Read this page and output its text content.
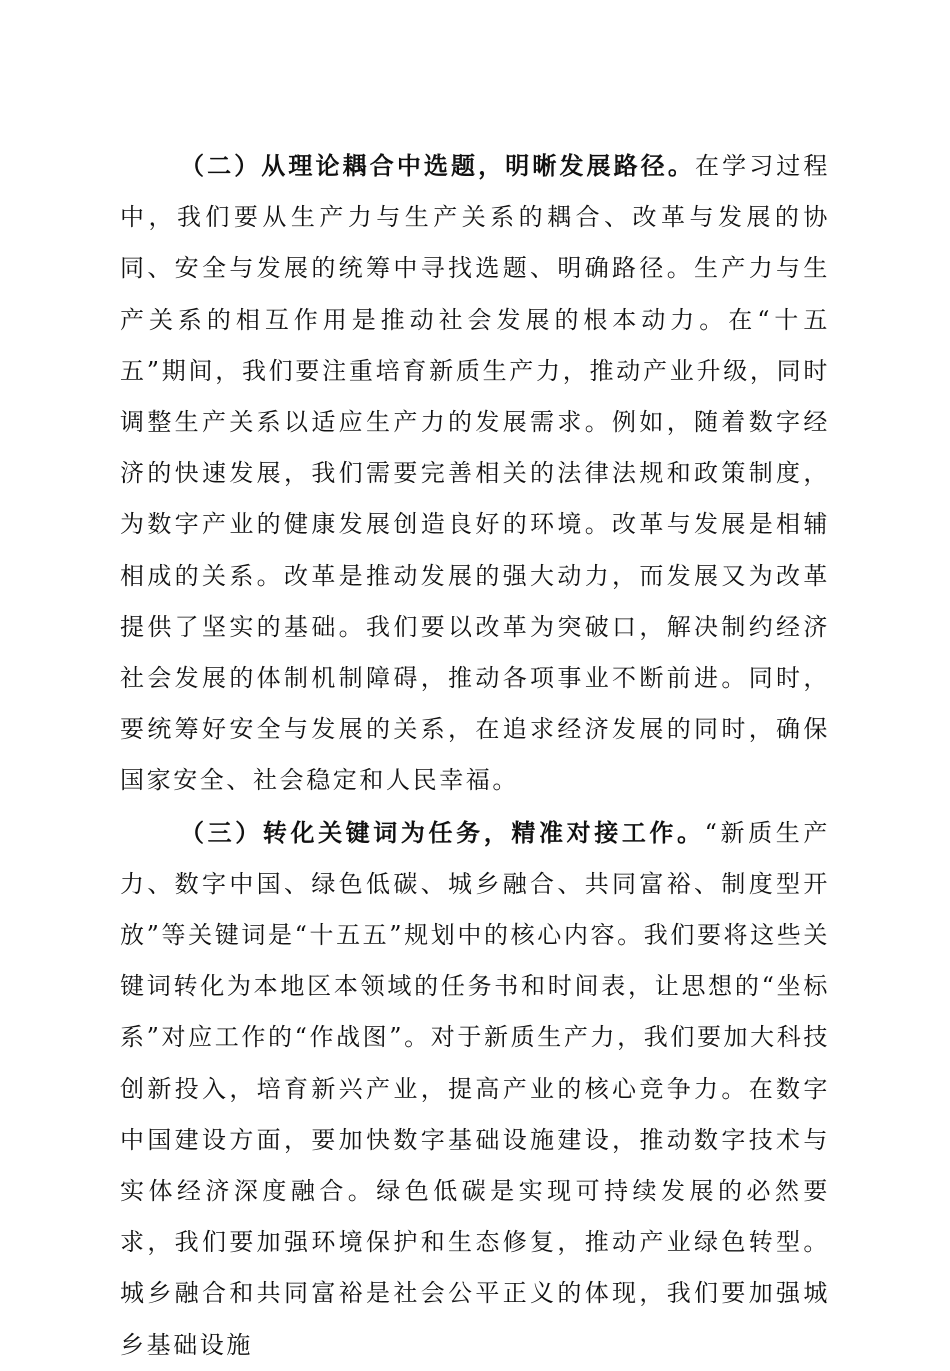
（二）从理论耦合中选题，明晰发展路径。在学习过程中，我们要从生产力与生产关系的耦合、改革与发展的协同、安全与发展的统筹中寻找选题、明确路径。生产力与生产关系的相互作用是推动社会发展的根本动力。在“十五五”期间，我们要注重培育新质生产力，推动产业升级，同时调整生产关系以适应生产力的发展需求。例如，随着数字经济的快速发展，我们需要完善相关的法律法规和政策制度，为数字产业的健康发展创造良好的环境。改革与发展是相辅相成的关系。改革是推动发展的强大动力，而发展又为改革提供了坚实的基础。我们要以改革为突破口，解决制约经济社会发展的体制机制障碍，推动各项事业不断前进。同时，要统筹好安全与发展的关系，在追求经济发展的同时，确保国家安全、社会稳定和人民幸福。

（三）转化关键词为任务，精准对接工作。“新质生产力、数字中国、绿色低碳、城乡融合、共同富裕、制度型开放”等关键词是“十五五”规划中的核心内容。我们要将这些关键词转化为本地区本领域的任务书和时间表，让思想的“坐标系”对应工作的“作战图”。对于新质生产力，我们要加大科技创新投入，培育新兴产业，提高产业的核心竞争力。在数字中国建设方面，要加快数字基础设施建设，推动数字技术与实体经济深度融合。绿色低碳是实现可持续发展的必然要求，我们要加强环境保护和生态修复，推动产业绿色转型。城乡融合和共同富裕是社会公平正义的体现，我们要加强城乡基础设施
